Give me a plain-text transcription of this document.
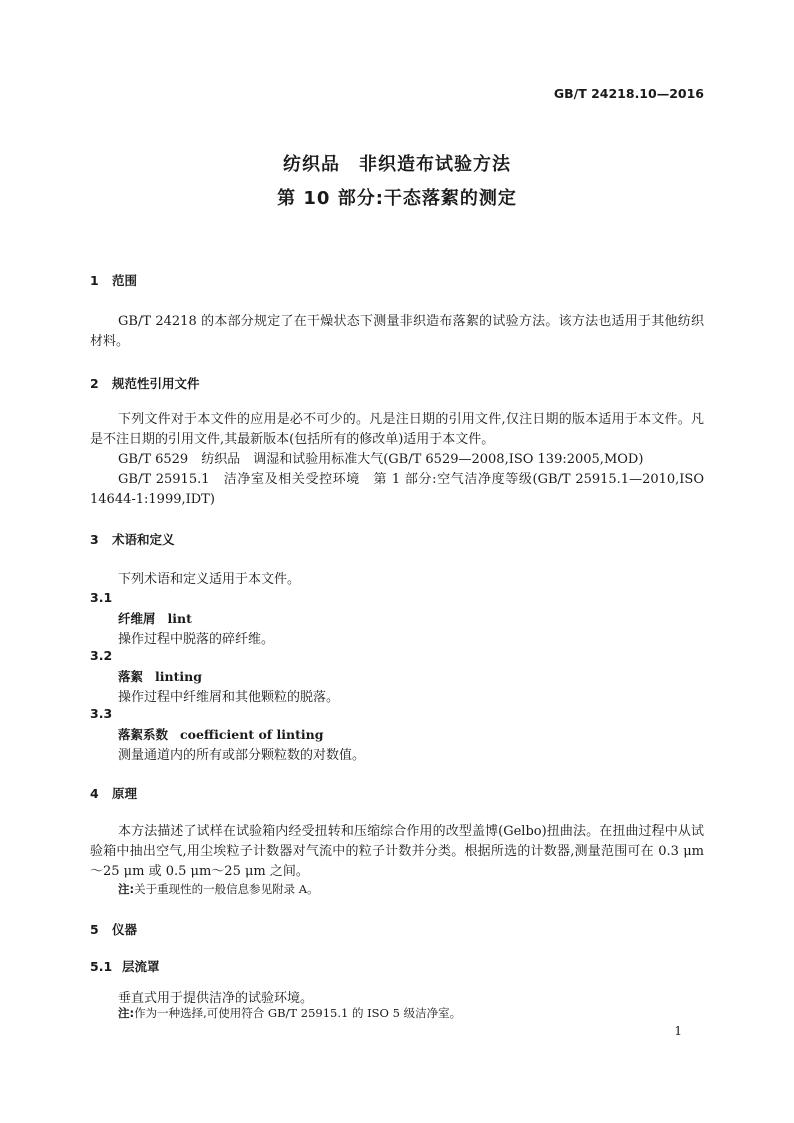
GB/T 24218.10—2016
纺织品　非织造布试验方法
第 10 部分:干态落絮的测定
1 范围
GB/T 24218 的本部分规定了在干燥状态下测量非织造布落絮的试验方法。该方法也适用于其他纺织材料。
2 规范性引用文件
下列文件对于本文件的应用是必不可少的。凡是注日期的引用文件,仅注日期的版本适用于本文件。凡是不注日期的引用文件,其最新版本(包括所有的修改单)适用于本文件。
GB/T 6529　纺织品　调湿和试验用标准大气(GB/T 6529—2008,ISO 139:2005,MOD)
GB/T 25915.1　洁净室及相关受控环境　第 1 部分:空气洁净度等级(GB/T 25915.1—2010,ISO 14644-1:1999,IDT)
3 术语和定义
下列术语和定义适用于本文件。
3.1
纤维屑 lint
操作过程中脱落的碎纤维。
3.2
落絮 linting
操作过程中纤维屑和其他颗粒的脱落。
3.3
落絮系数 coefficient of linting
测量通道内的所有或部分颗粒数的对数值。
4 原理
本方法描述了试样在试验箱内经受扭转和压缩综合作用的改型盖博(Gelbo)扭曲法。在扭曲过程中从试验箱中抽出空气,用尘埃粒子计数器对气流中的粒子计数并分类。根据所选的计数器,测量范围可在 0.3 μm～25 μm 或 0.5 μm～25 μm 之间。
注:关于重现性的一般信息参见附录 A。
5 仪器
5.1 层流罩
垂直式用于提供洁净的试验环境。
注:作为一种选择,可使用符合 GB/T 25915.1 的 ISO 5 级洁净室。
1
